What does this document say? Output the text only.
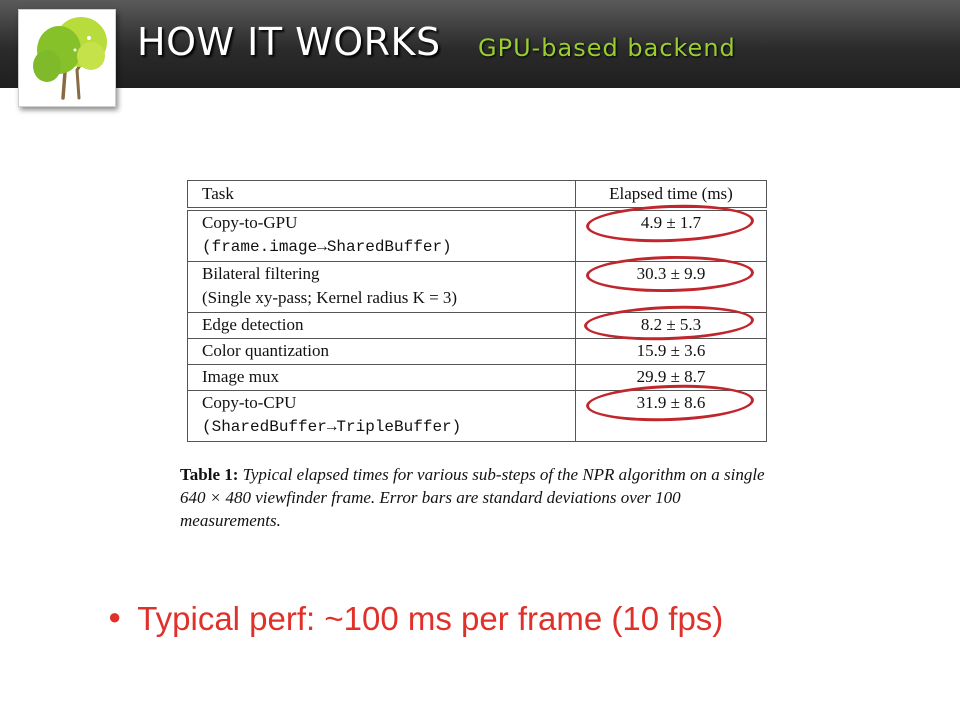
HOW IT WORKS GPU-based backend
Task	Elapsed time (ms)

Copy-to-GPU
(frame.image→SharedBuffer)	4.9 ± 1.7

Bilateral filtering
(Single xy-pass; Kernel radius K = 3)	30.3 ± 9.9

Edge detection	8.2 ± 5.3

Color quantization	15.9 ± 3.6

Image mux	29.9 ± 8.7

Copy-to-CPU
(SharedBuffer→TripleBuffer)	31.9 ± 8.6
Table 1: Typical elapsed times for various sub-steps of the NPR algorithm on a single 640 × 480 viewfinder frame. Error bars are standard deviations over 100 measurements.
● Typical perf: ~100 ms per frame (10 fps)
